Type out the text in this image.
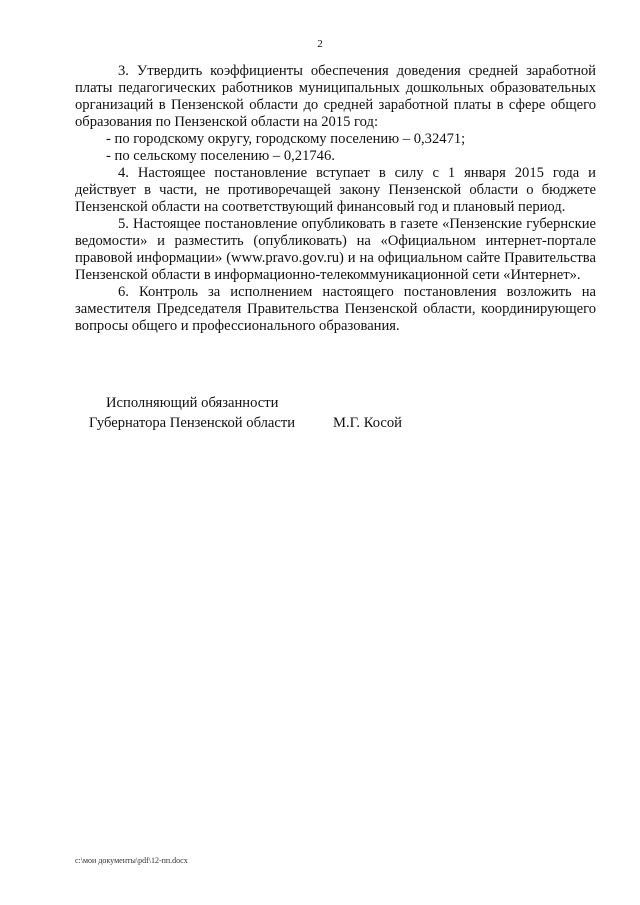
2

3. Утвердить коэффициенты обеспечения доведения средней заработной платы педагогических работников муниципальных дошкольных образовательных организаций в Пензенской области до средней заработной платы в сфере общего образования по Пензенской области на 2015 год:

- по городскому округу, городскому поселению – 0,32471;

- по сельскому поселению – 0,21746.

4. Настоящее постановление вступает в силу с 1 января 2015 года и действует в части, не противоречащей закону Пензенской области о бюджете Пензенской области на соответствующий финансовый год и плановый период.

5. Настоящее постановление опубликовать в газете «Пензенские губернские ведомости» и разместить (опубликовать) на «Официальном интернет-портале правовой информации» (www.pravo.gov.ru) и на официальном сайте Правительства Пензенской области в информационно-телекоммуникационной сети «Интернет».

6. Контроль за исполнением настоящего постановления возложить на заместителя Председателя Правительства Пензенской области, координирующего вопросы общего и профессионального образования.

Исполняющий обязанности
Губернатора Пензенской области	М.Г. Косой
c:\мои документы\pdf\12-пп.docx
